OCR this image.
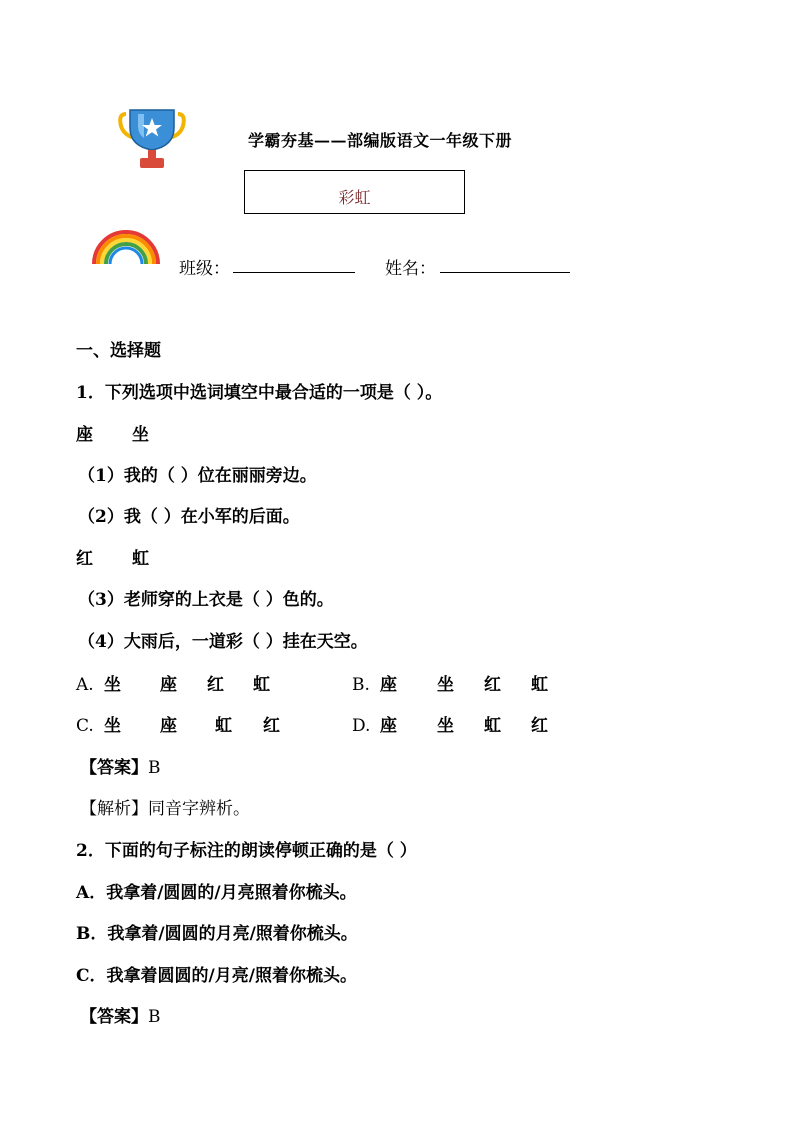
学霸夯基——部编版语文一年级下册
彩虹
班级：	姓名：
一、选择题
1．下列选项中选词填空中最合适的一项是（ ）。
座 坐
（1）我的（ ）位在丽丽旁边。
（2）我（ ）在小军的后面。
红 虹
（3）老师穿的上衣是（ ）色的。
（4）大雨后，一道彩（ ）挂在天空。
A. 坐 座 红 虹	B. 座 坐 红 虹
C. 坐 座 虹 红	D. 座 坐 虹 红
【答案】B
【解析】同音字辨析。
2．下面的句子标注的朗读停顿正确的是（ ）
A．我拿着/圆圆的/月亮照着你梳头。
B．我拿着/圆圆的月亮/照着你梳头。
C．我拿着圆圆的/月亮/照着你梳头。
【答案】B
